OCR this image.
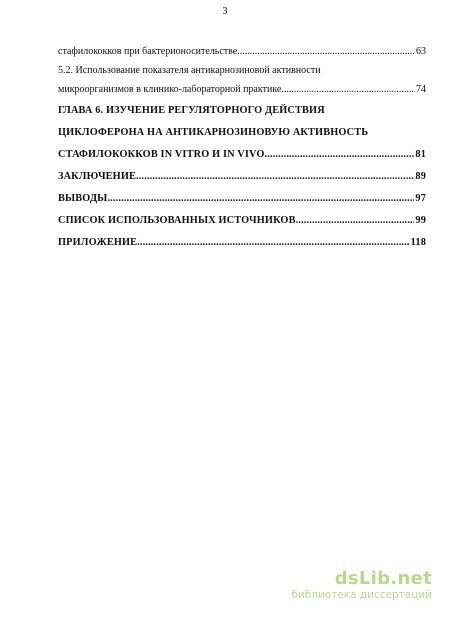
3
стафилококков при бактерионосительстве .....	63
5.2. Использование показателя антикарнозиновой активности
микроорганизмов в клинико-лабораторной практике .....	74
ГЛАВА 6. ИЗУЧЕНИЕ РЕГУЛЯТОРНОГО ДЕЙСТВИЯ
ЦИКЛОФЕРОНА НА АНТИКАРНОЗИНОВУЮ АКТИВНОСТЬ
СТАФИЛОКОККОВ IN VITRO И IN VIVO .....	81
ЗАКЛЮЧЕНИЕ .....	89
ВЫВОДЫ .....	97
СПИСОК ИСПОЛЬЗОВАННЫХ ИСТОЧНИКОВ .....	99
ПРИЛОЖЕНИЕ .....	118
dsLib.net
библиотека диссертаций
